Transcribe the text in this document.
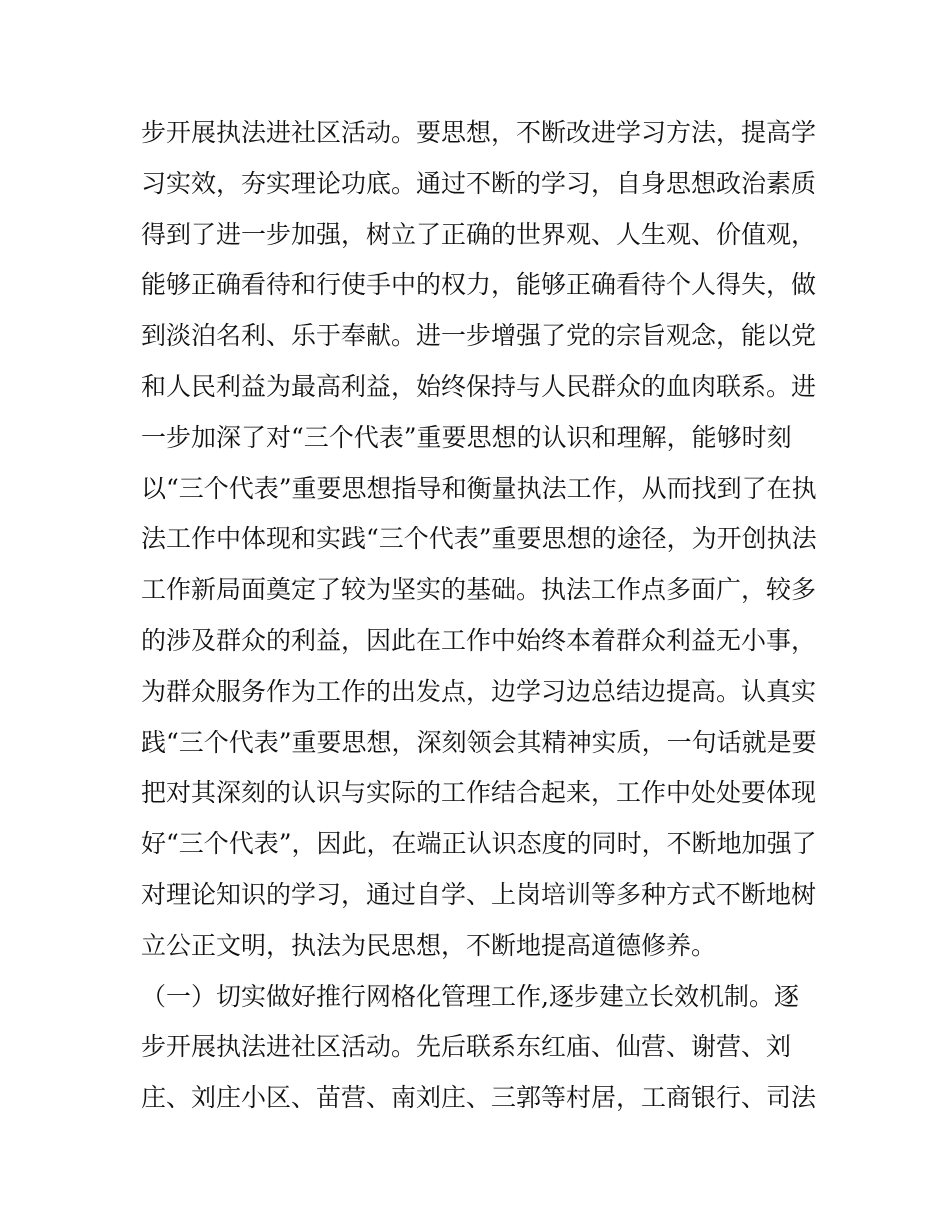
步开展执法进社区活动。要思想，不断改进学习方法，提高学
习实效，夯实理论功底。通过不断的学习，自身思想政治素质
得到了进一步加强，树立了正确的世界观、人生观、价值观，
能够正确看待和行使手中的权力，能够正确看待个人得失，做
到淡泊名利、乐于奉献。进一步增强了党的宗旨观念，能以党
和人民利益为最高利益，始终保持与人民群众的血肉联系。进
一步加深了对“三个代表”重要思想的认识和理解，能够时刻
以“三个代表”重要思想指导和衡量执法工作，从而找到了在执
法工作中体现和实践“三个代表”重要思想的途径，为开创执法
工作新局面奠定了较为坚实的基础。执法工作点多面广，较多
的涉及群众的利益，因此在工作中始终本着群众利益无小事，
为群众服务作为工作的出发点，边学习边总结边提高。认真实
践“三个代表”重要思想，深刻领会其精神实质，一句话就是要
把对其深刻的认识与实际的工作结合起来，工作中处处要体现
好“三个代表”，因此，在端正认识态度的同时，不断地加强了
对理论知识的学习，通过自学、上岗培训等多种方式不断地树
立公正文明，执法为民思想，不断地提高道德修养。
（一）切实做好推行网格化管理工作,逐步建立长效机制。逐
步开展执法进社区活动。先后联系东红庙、仙营、谢营、刘
庄、刘庄小区、苗营、南刘庄、三郭等村居，工商银行、司法
